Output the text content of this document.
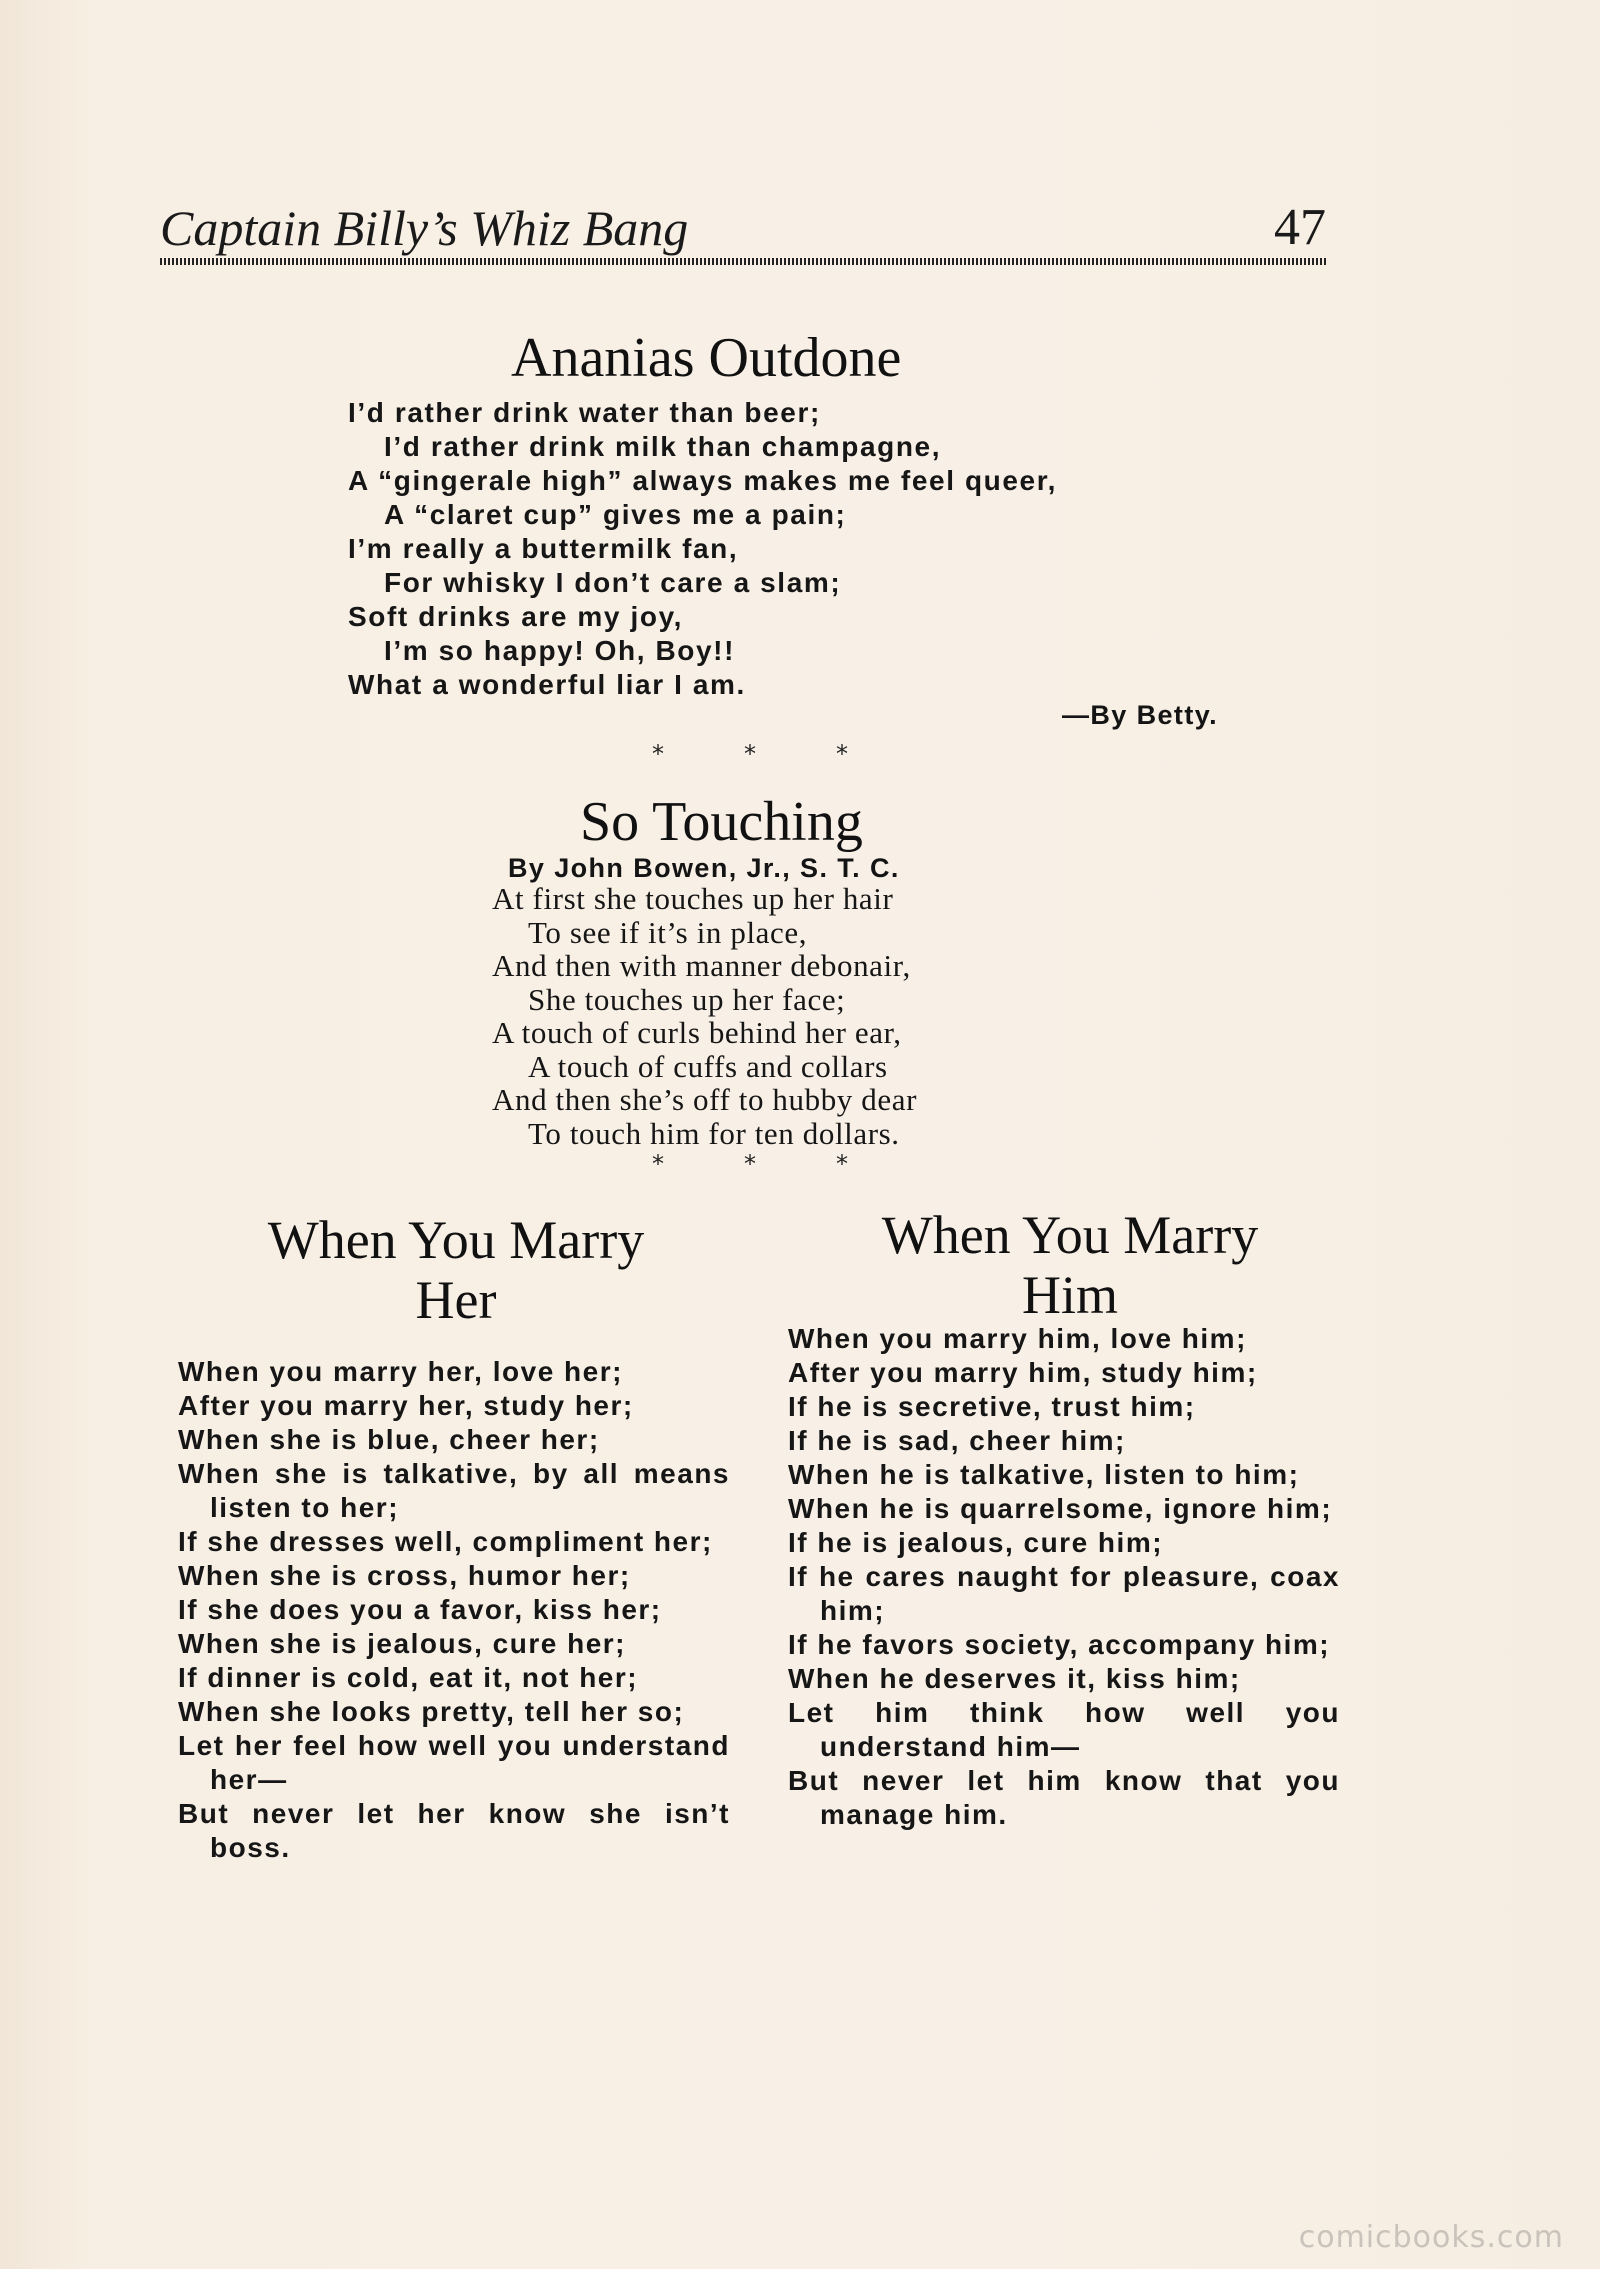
Captain Billy’s Whiz Bang	47
Ananias Outdone
I’d rather drink water than beer;
I’d rather drink milk than champagne,
A “gingerale high” always makes me feel queer,
A “claret cup” gives me a pain;
I’m really a buttermilk fan,
For whisky I don’t care a slam;
Soft drinks are my joy,
I’m so happy! Oh, Boy!!
What a wonderful liar I am.
—By Betty.
*	*	*
So Touching
By John Bowen, Jr., S. T. C.
At first she touches up her hair
To see if it’s in place,
And then with manner debonair,
She touches up her face;
A touch of curls behind her ear,
A touch of cuffs and collars
And then she’s off to hubby dear
To touch him for ten dollars.
*	*	*
When You Marry
Her
When you marry her, love her;
After you marry her, study her;
When she is blue, cheer her;
When she is talkative, by all means listen to her;
If she dresses well, compliment her;
When she is cross, humor her;
If she does you a favor, kiss her;
When she is jealous, cure her;
If dinner is cold, eat it, not her;
When she looks pretty, tell her so;
Let her feel how well you understand her—
But never let her know she isn’t boss.
When You Marry
Him
When you marry him, love him;
After you marry him, study him;
If he is secretive, trust him;
If he is sad, cheer him;
When he is talkative, listen to him;
When he is quarrelsome, ignore him;
If he is jealous, cure him;
If he cares naught for pleasure, coax him;
If he favors society, accompany him;
When he deserves it, kiss him;
Let him think how well you understand him—
But never let him know that you manage him.
comicbooks.com
